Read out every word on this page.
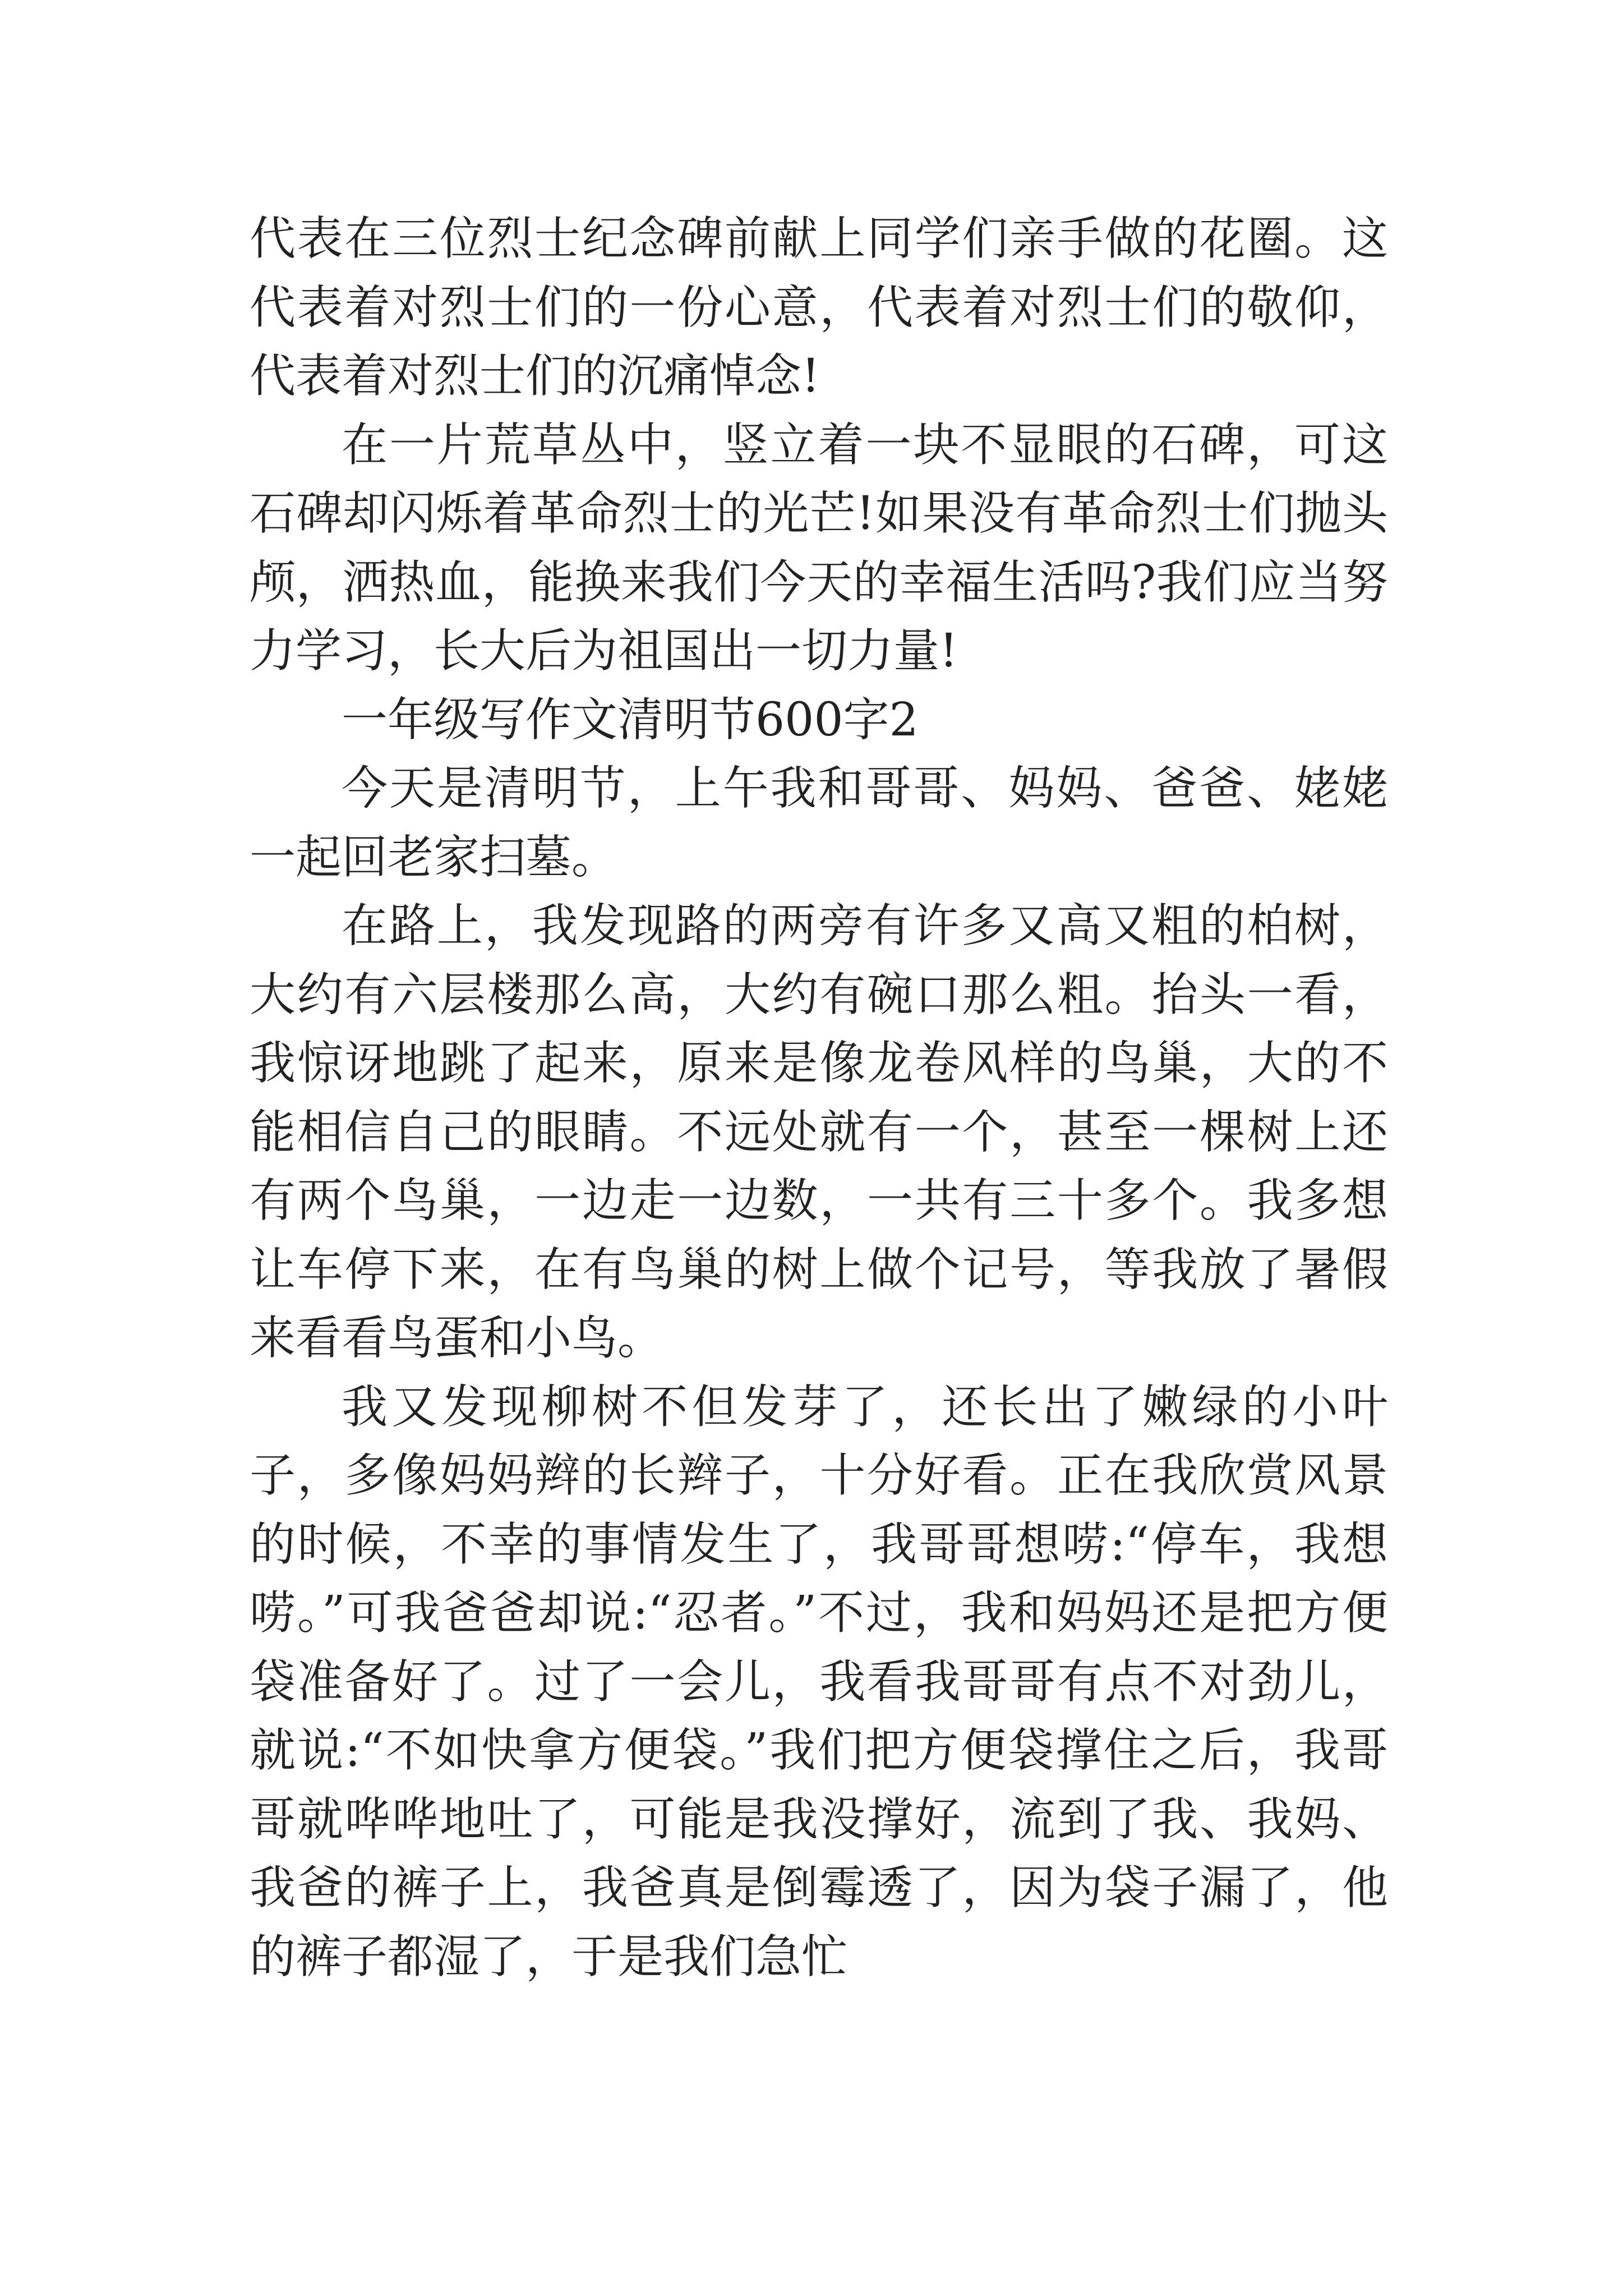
代表在三位烈士纪念碑前献上同学们亲手做的花圈。这代表着对烈士们的一份心意，代表着对烈士们的敬仰，代表着对烈士们的沉痛悼念!

在一片荒草丛中，竖立着一块不显眼的石碑，可这石碑却闪烁着革命烈士的光芒!如果没有革命烈士们抛头颅，洒热血，能换来我们今天的幸福生活吗?我们应当努力学习，长大后为祖国出一切力量!

一年级写作文清明节600字2

今天是清明节，上午我和哥哥、妈妈、爸爸、姥姥一起回老家扫墓。

在路上，我发现路的两旁有许多又高又粗的柏树，大约有六层楼那么高，大约有碗口那么粗。抬头一看，我惊讶地跳了起来，原来是像龙卷风样的鸟巢，大的不能相信自己的眼睛。不远处就有一个，甚至一棵树上还有两个鸟巢，一边走一边数，一共有三十多个。我多想让车停下来，在有鸟巢的树上做个记号，等我放了暑假来看看鸟蛋和小鸟。

我又发现柳树不但发芽了，还长出了嫩绿的小叶子，多像妈妈辫的长辫子，十分好看。正在我欣赏风景的时候，不幸的事情发生了，我哥哥想唠:“停车，我想唠。”可我爸爸却说:“忍者。”不过，我和妈妈还是把方便袋准备好了。过了一会儿，我看我哥哥有点不对劲儿，就说:“不如快拿方便袋。”我们把方便袋撑住之后，我哥哥就哗哗地吐了，可能是我没撑好，流到了我、我妈、我爸的裤子上，我爸真是倒霉透了，因为袋子漏了，他的裤子都湿了，于是我们急忙
